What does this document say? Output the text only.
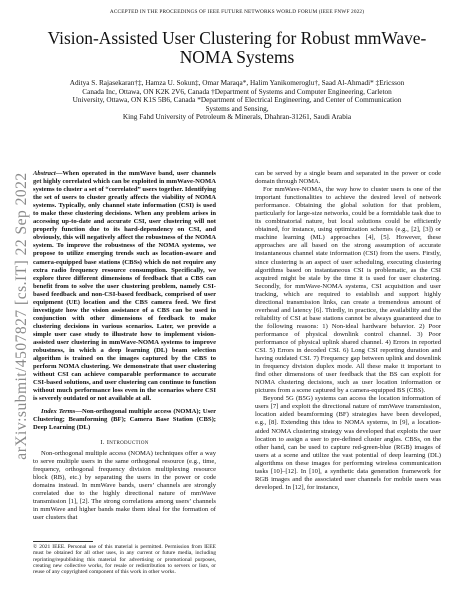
ACCEPTED IN THE PROCEEDINGS OF IEEE FUTURE NETWORKS WORLD FORUM (IEEE FNWF 2022)
arXiv:submit/4507827 [cs.IT] 22 Sep 2022
Vision-Assisted User Clustering for Robust mmWave-NOMA Systems
Aditya S. Rajasekaran†‡, Hamza U. Sokun‡, Omar Maraqa*, Halim Yanikomeroglu†, Saad Al-Ahmadi* ‡Ericsson
Canada Inc, Ottawa, ON K2K 2V6, Canada †Department of Systems and Computer Engineering, Carleton
University, Ottawa, ON K1S 5B6, Canada *Department of Electrical Engineering, and Center of Communication
Systems and Sensing,
King Fahd University of Petroleum & Minerals, Dhahran-31261, Saudi Arabia

Abstract—When operated in the mmWave band, user channels get highly correlated which can be exploited in mmWave-NOMA systems to cluster a set of “correlated” users together. Identifying the set of users to cluster greatly affects the viability of NOMA systems. Typically, only channel state information (CSI) is used to make these clustering decisions. When any problem arises in accessing up-to-date and accurate CSI, user clustering will not properly function due to its hard-dependency on CSI, and obviously, this will negatively affect the robustness of the NOMA system. To improve the robustness of the NOMA systems, we propose to utilize emerging trends such as location-aware and camera-equipped base stations (CBSs) which do not require any extra radio frequency resource consumption. Specifically, we explore three different dimensions of feedback that a CBS can benefit from to solve the user clustering problem, namely CSI-based feedback and non-CSI-based feedback, comprised of user equipment (UE) location and the CBS camera feed. We first investigate how the vision assistance of a CBS can be used in conjunction with other dimensions of feedback to make clustering decisions in various scenarios. Later, we provide a simple user case study to illustrate how to implement vision-assisted user clustering in mmWave-NOMA systems to improve robustness, in which a deep learning (DL) beam selection algorithm is trained on the images captured by the CBS to perform NOMA clustering. We demonstrate that user clustering without CSI can achieve comparable performance to accurate CSI-based solutions, and user clustering can continue to function without much performance loss even in the scenarios where CSI is severely outdated or not available at all.

Index Terms—Non-orthogonal multiple access (NOMA); User Clustering; Beamforming (BF); Camera Base Station (CBS); Deep Learning (DL)

I. Introduction

Non-orthogonal multiple access (NOMA) techniques offer a way to serve multiple users in the same orthogonal resource (e.g., time, frequency, orthogonal frequency division multiplexing resource block (RB), etc.) by separating the users in the power or code domains instead. In mmWave bands, users’ channels are strongly correlated due to the highly directional nature of mmWave transmission [1], [2]. The strong correlations among users’ channels in mmWave and higher bands make them ideal for the formation of user clusters that

© 2021 IEEE. Personal use of this material is permitted. Permission from IEEE must be obtained for all other uses, in any current or future media, including reprinting/republishing this material for advertising or promotional purposes, creating new collective works, for resale or redistribution to servers or lists, or reuse of any copyrighted component of this work in other works.

can be served by a single beam and separated in the power or code domain through NOMA.

For mmWave-NOMA, the way how to cluster users is one of the important functionalities to achieve the desired level of network performance. Obtaining the global solution for that problem, particularly for large-size networks, could be a formidable task due to its combinatorial nature, but local solutions could be efficiently obtained, for instance, using optimization schemes (e.g., [2], [3]) or machine learning (ML) approaches [4], [5]. However, these approaches are all based on the strong assumption of accurate instantaneous channel state information (CSI) from the users. Firstly, since clustering is an aspect of user scheduling, executing clustering algorithms based on instantaneous CSI is problematic, as the CSI acquired might be stale by the time it is used for user clustering. Secondly, for mmWave-NOMA systems, CSI acquisition and user tracking, which are required to establish and support highly directional transmission links, can create a tremendous amount of overhead and latency [6]. Thirdly, in practice, the availability and the reliability of CSI at base stations cannot be always guaranteed due to the following reasons: 1) Non-ideal hardware behavior. 2) Poor performance of physical downlink control channel. 3) Poor performance of physical uplink shared channel. 4) Errors in reported CSI. 5) Errors in decoded CSI. 6) Long CSI reporting duration and having outdated CSI. 7) Frequency gap between uplink and downlink in frequency division duplex mode. All these make it important to find other dimensions of user feedback that the BS can exploit for NOMA clustering decisions, such as user location information or pictures from a scene captured by a camera-equipped BS (CBS).

Beyond 5G (B5G) systems can access the location information of users [7] and exploit the directional nature of mmWave transmission, location aided beamforming (BF) strategies have been developed, e.g., [8]. Extending this idea to NOMA systems, in [9], a location-aided NOMA clustering strategy was developed that exploits the user location to assign a user to pre-defined cluster angles. CBSs, on the other hand, can be used to capture red-green-blue (RGB) images of users at a scene and utilize the vast potential of deep learning (DL) algorithms on these images for performing wireless communication tasks [10]–[12]. In [10], a synthetic data generation framework for RGB images and the associated user channels for mobile users was developed. In [12], for instance,
